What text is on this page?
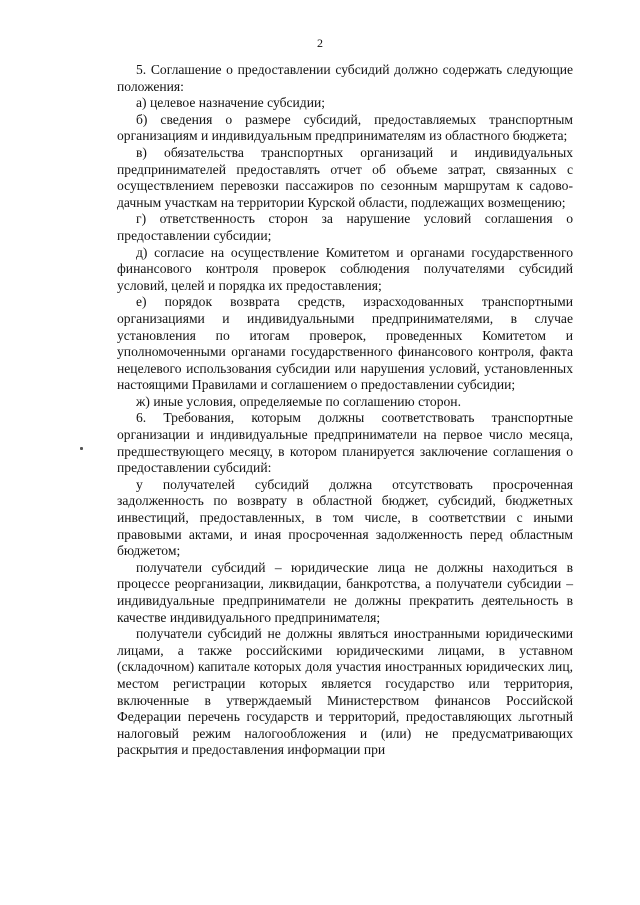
2

5. Соглашение о предоставлении субсидий должно содержать следующие положения:

а) целевое назначение субсидии;

б) сведения о размере субсидий, предоставляемых транспортным организациям и индивидуальным предпринимателям из областного бюджета;

в) обязательства транспортных организаций и индивидуальных предпринимателей предоставлять отчет об объеме затрат, связанных с осуществлением перевозки пассажиров по сезонным маршрутам к садово-дачным участкам на территории Курской области, подлежащих возмещению;

г) ответственность сторон за нарушение условий соглашения о предоставлении субсидии;

д) согласие на осуществление Комитетом и органами государственного финансового контроля проверок соблюдения получателями субсидий условий, целей и порядка их предоставления;

е) порядок возврата средств, израсходованных транспортными организациями и индивидуальными предпринимателями, в случае установления по итогам проверок, проведенных Комитетом и уполномоченными органами государственного финансового контроля, факта нецелевого использования субсидии или нарушения условий, установленных настоящими Правилами и соглашением о предоставлении субсидии;

ж) иные условия, определяемые по соглашению сторон.

6. Требования, которым должны соответствовать транспортные организации и индивидуальные предприниматели на первое число месяца, предшествующего месяцу, в котором планируется заключение соглашения о предоставлении субсидий:

у получателей субсидий должна отсутствовать просроченная задолженность по возврату в областной бюджет, субсидий, бюджетных инвестиций, предоставленных, в том числе, в соответствии с иными правовыми актами, и иная просроченная задолженность перед областным бюджетом;

получатели субсидий – юридические лица не должны находиться в процессе реорганизации, ликвидации, банкротства, а получатели субсидии – индивидуальные предприниматели не должны прекратить деятельность в качестве индивидуального предпринимателя;

получатели субсидий не должны являться иностранными юридическими лицами, а также российскими юридическими лицами, в уставном (складочном) капитале которых доля участия иностранных юридических лиц, местом регистрации которых является государство или территория, включенные в утверждаемый Министерством финансов Российской Федерации перечень государств и территорий, предоставляющих льготный налоговый режим налогообложения и (или) не предусматривающих раскрытия и предоставления информации при
